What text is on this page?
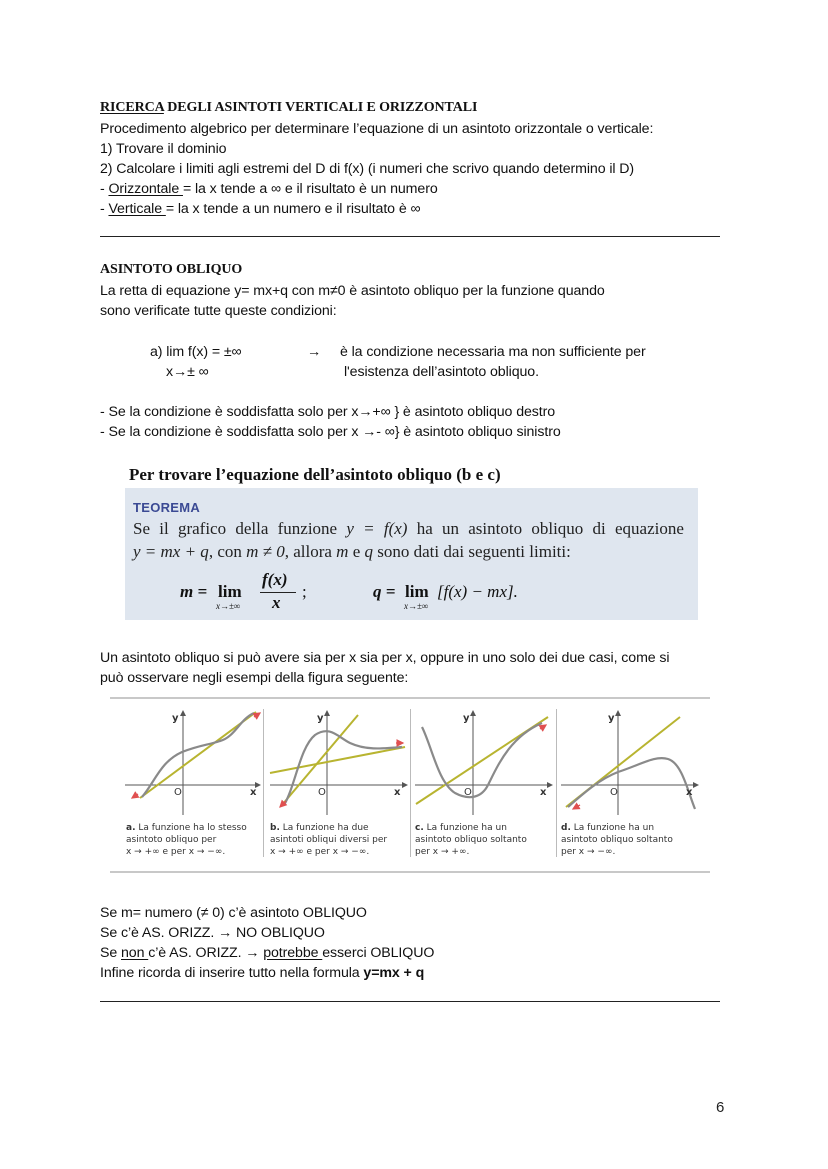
RICERCA DEGLI ASINTOTI VERTICALI E ORIZZONTALI
Procedimento algebrico per determinare l’equazione di un asintoto orizzontale o verticale:
1) Trovare il dominio
2) Calcolare i limiti agli estremi del D di f(x) (i numeri che scrivo quando determino il D)
- Orizzontale = la x tende a ∞ e il risultato è un numero
- Verticale = la x tende a un numero e il risultato è ∞
ASINTOTO OBLIQUO
La retta di equazione y= mx+q con m≠0 è asintoto obliquo per la funzione quando
sono verificate tutte queste condizioni:
a) lim f(x) = ±∞
x→± ∞
→ è la condizione necessaria ma non sufficiente per
l'esistenza dell’asintoto obliquo.
- Se la condizione è soddisfatta solo per x→+∞ } è asintoto obliquo destro
- Se la condizione è soddisfatta solo per x →- ∞} è asintoto obliquo sinistro
Per trovare l’equazione dell’asintoto obliquo (b e c)
TEOREMA
Se il grafico della funzione y = f(x) ha un asintoto obliquo di equazione
y = mx + q, con m ≠ 0, allora m e q sono dati dai seguenti limiti:
m = lim
x→±∞
f(x)
x
;	q = lim
x→±∞
[f(x) − mx].
Un asintoto obliquo si può avere sia per x sia per x, oppure in uno solo dei due casi, come si
può osservare negli esempi della figura seguente:
y
O	x
y
O	x
y
O	x
y
O	x
a. La funzione ha lo stesso
asintoto obliquo per
x → +∞ e per x → −∞.
b. La funzione ha due
asintoti obliqui diversi per
x → +∞ e per x → −∞.
c. La funzione ha un
asintoto obliquo soltanto
per x → +∞.
d. La funzione ha un
asintoto obliquo soltanto
per x → −∞.
Se m= numero (≠ 0) c’è asintoto OBLIQUO
Se c’è AS. ORIZZ. → NO OBLIQUO
Se non c’è AS. ORIZZ. → potrebbe esserci OBLIQUO
Infine ricorda di inserire tutto nella formula y=mx + q
6
